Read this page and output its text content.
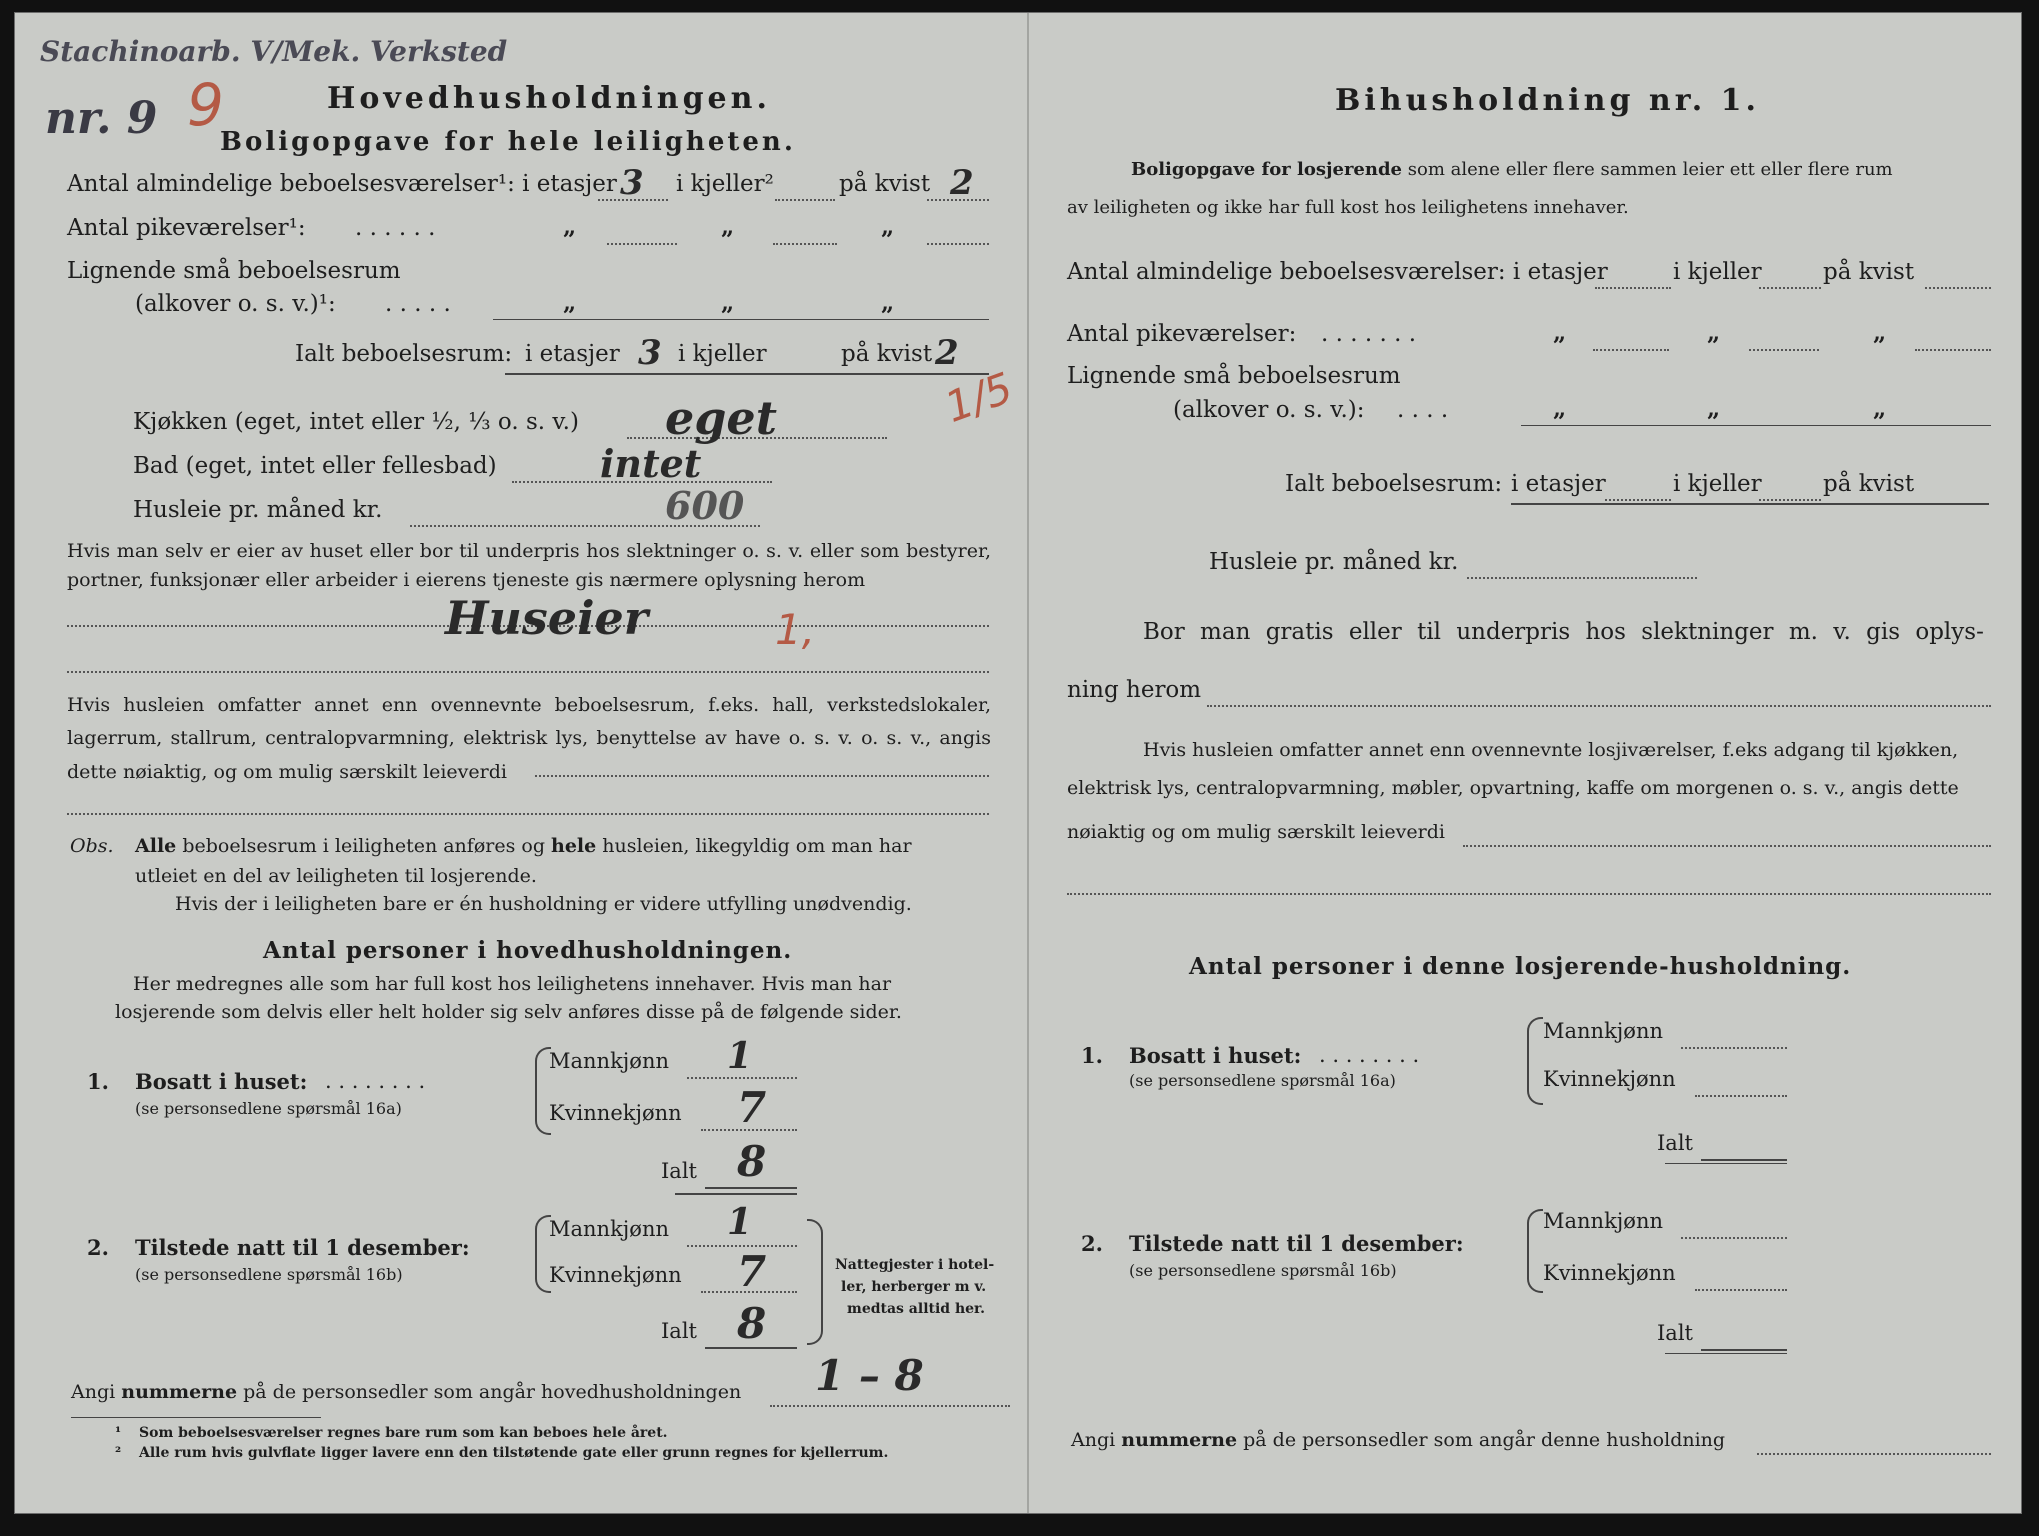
Stachinoarb. V/Mek. Verksted
nr. 9 9	Hovedhusholdningen.
Boligopgave for hele leiligheten.
Antal almindelige beboelsesværelser¹: i etasjer 3 i kjeller²	på kvist 2
Antal pikeværelser¹: . . . . . .	„	„	„
Lignende små beboelsesrum
(alkover o. s. v.)¹: . . . . .	„	„	„
Ialt beboelsesrum: i etasjer 3 i kjeller	på kvist 2
1/5
Kjøkken (eget, intet eller ½, ⅓ o. s. v.) eget
Bad (eget, intet eller fellesbad)	intet
Husleie pr. måned kr.	600
Hvis man selv er eier av huset eller bor til underpris hos slektninger o. s. v. eller som bestyrer, portner, funksjonær eller arbeider i eierens tjeneste gis nærmere oplysning herom
Huseier	1,
Hvis husleien omfatter annet enn ovennevnte beboelsesrum, f.eks. hall, verkstedslokaler, lagerrum, stallrum, centralopvarmning, elektrisk lys, benyttelse av have o. s. v. o. s. v., angis dette nøiaktig, og om mulig særskilt leieverdi
Obs. Alle beboelsesrum i leiligheten anføres og hele husleien, likegyldig om man har
utleiet en del av leiligheten til losjerende.
Hvis der i leiligheten bare er én husholdning er videre utfylling unødvendig.
Antal personer i hovedhusholdningen.
Her medregnes alle som har full kost hos leilighetens innehaver. Hvis man har
losjerende som delvis eller helt holder sig selv anføres disse på de følgende sider.
1. Bosatt i huset: . . . . . . . .
(se personsedlene spørsmål 16a)
Mannkjønn 1
Kvinnekjønn 7
Ialt 8
2. Tilstede natt til 1 desember:
(se personsedlene spørsmål 16b)
Mannkjønn 1
Kvinnekjønn 7
Ialt 8
Nattegjester i hotel-
ler, herberger m v.
medtas alltid her.
Angi nummerne på de personsedler som angår hovedhusholdningen 1 – 8
¹ Som beboelsesværelser regnes bare rum som kan beboes hele året.
² Alle rum hvis gulvflate ligger lavere enn den tilstøtende gate eller grunn regnes for kjellerrum.
Bihusholdning nr. 1.
Boligopgave for losjerende som alene eller flere sammen leier ett eller flere rum
av leiligheten og ikke har full kost hos leilighetens innehaver.
Antal almindelige beboelsesværelser: i etasjer	i kjeller	på kvist
Antal pikeværelser: . . . . . . .	„	„	„
Lignende små beboelsesrum
(alkover o. s. v.): . . . .	„	„	„
Ialt beboelsesrum: i etasjer	i kjeller	på kvist
Husleie pr. måned kr.
Bor man gratis eller til underpris hos slektninger m. v. gis oplys-
ning herom
Hvis husleien omfatter annet enn ovennevnte losjiværelser, f.eks adgang til kjøkken,
elektrisk lys, centralopvarmning, møbler, opvartning, kaffe om morgenen o. s. v., angis dette
nøiaktig og om mulig særskilt leieverdi
Antal personer i denne losjerende-husholdning.
1. Bosatt i huset: . . . . . . . .
(se personsedlene spørsmål 16a)
Mannkjønn
Kvinnekjønn
Ialt
2. Tilstede natt til 1 desember:
(se personsedlene spørsmål 16b)
Mannkjønn
Kvinnekjønn
Ialt
Angi nummerne på de personsedler som angår denne husholdning
